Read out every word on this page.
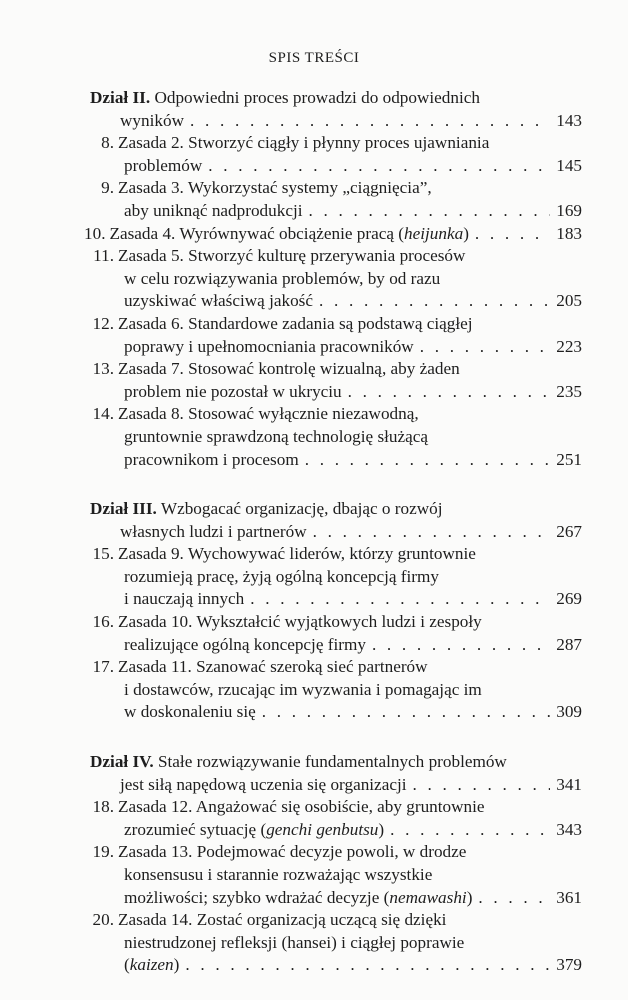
SPIS TREŚCI
Dział II. Odpowiedni proces prowadzi do odpowiednich
wyników . . .	143
8. Zasada 2. Stworzyć ciągły i płynny proces ujawniania
problemów . . .	145
9. Zasada 3. Wykorzystać systemy „ciągnięcia”,
aby uniknąć nadprodukcji . . .	169
10. Zasada 4. Wyrównywać obciążenie pracą ( heijunka ) . . .	183
11. Zasada 5. Stworzyć kulturę przerywania procesów
w celu rozwiązywania problemów, by od razu
uzyskiwać właściwą jakość . . .	205
12. Zasada 6. Standardowe zadania są podstawą ciągłej
poprawy i upełnomocniania pracowników . . .	223
13. Zasada 7. Stosować kontrolę wizualną, aby żaden
problem nie pozostał w ukryciu . . .	235
14. Zasada 8. Stosować wyłącznie niezawodną,
gruntownie sprawdzoną technologię służącą
pracownikom i procesom . . .	251
Dział III. Wzbogacać organizację, dbając o rozwój
własnych ludzi i partnerów . . .	267
15. Zasada 9. Wychowywać liderów, którzy gruntownie
rozumieją pracę, żyją ogólną koncepcją firmy
i nauczają innych . . .	269
16. Zasada 10. Wykształcić wyjątkowych ludzi i zespoły
realizujące ogólną koncepcję firmy . . .	287
17. Zasada 11. Szanować szeroką sieć partnerów
i dostawców, rzucając im wyzwania i pomagając im
w doskonaleniu się . . .	309
Dział IV. Stałe rozwiązywanie fundamentalnych problemów
jest siłą napędową uczenia się organizacji . . .	341
18. Zasada 12. Angażować się osobiście, aby gruntownie
zrozumieć sytuację ( genchi genbutsu ) . . .	343
19. Zasada 13. Podejmować decyzje powoli, w drodze
konsensusu i starannie rozważając wszystkie
możliwości; szybko wdrażać decyzje ( nemawashi ) . . .	361
20. Zasada 14. Zostać organizacją uczącą się dzięki
niestrudzonej refleksji (hansei) i ciągłej poprawie
( kaizen ) . . .	379
